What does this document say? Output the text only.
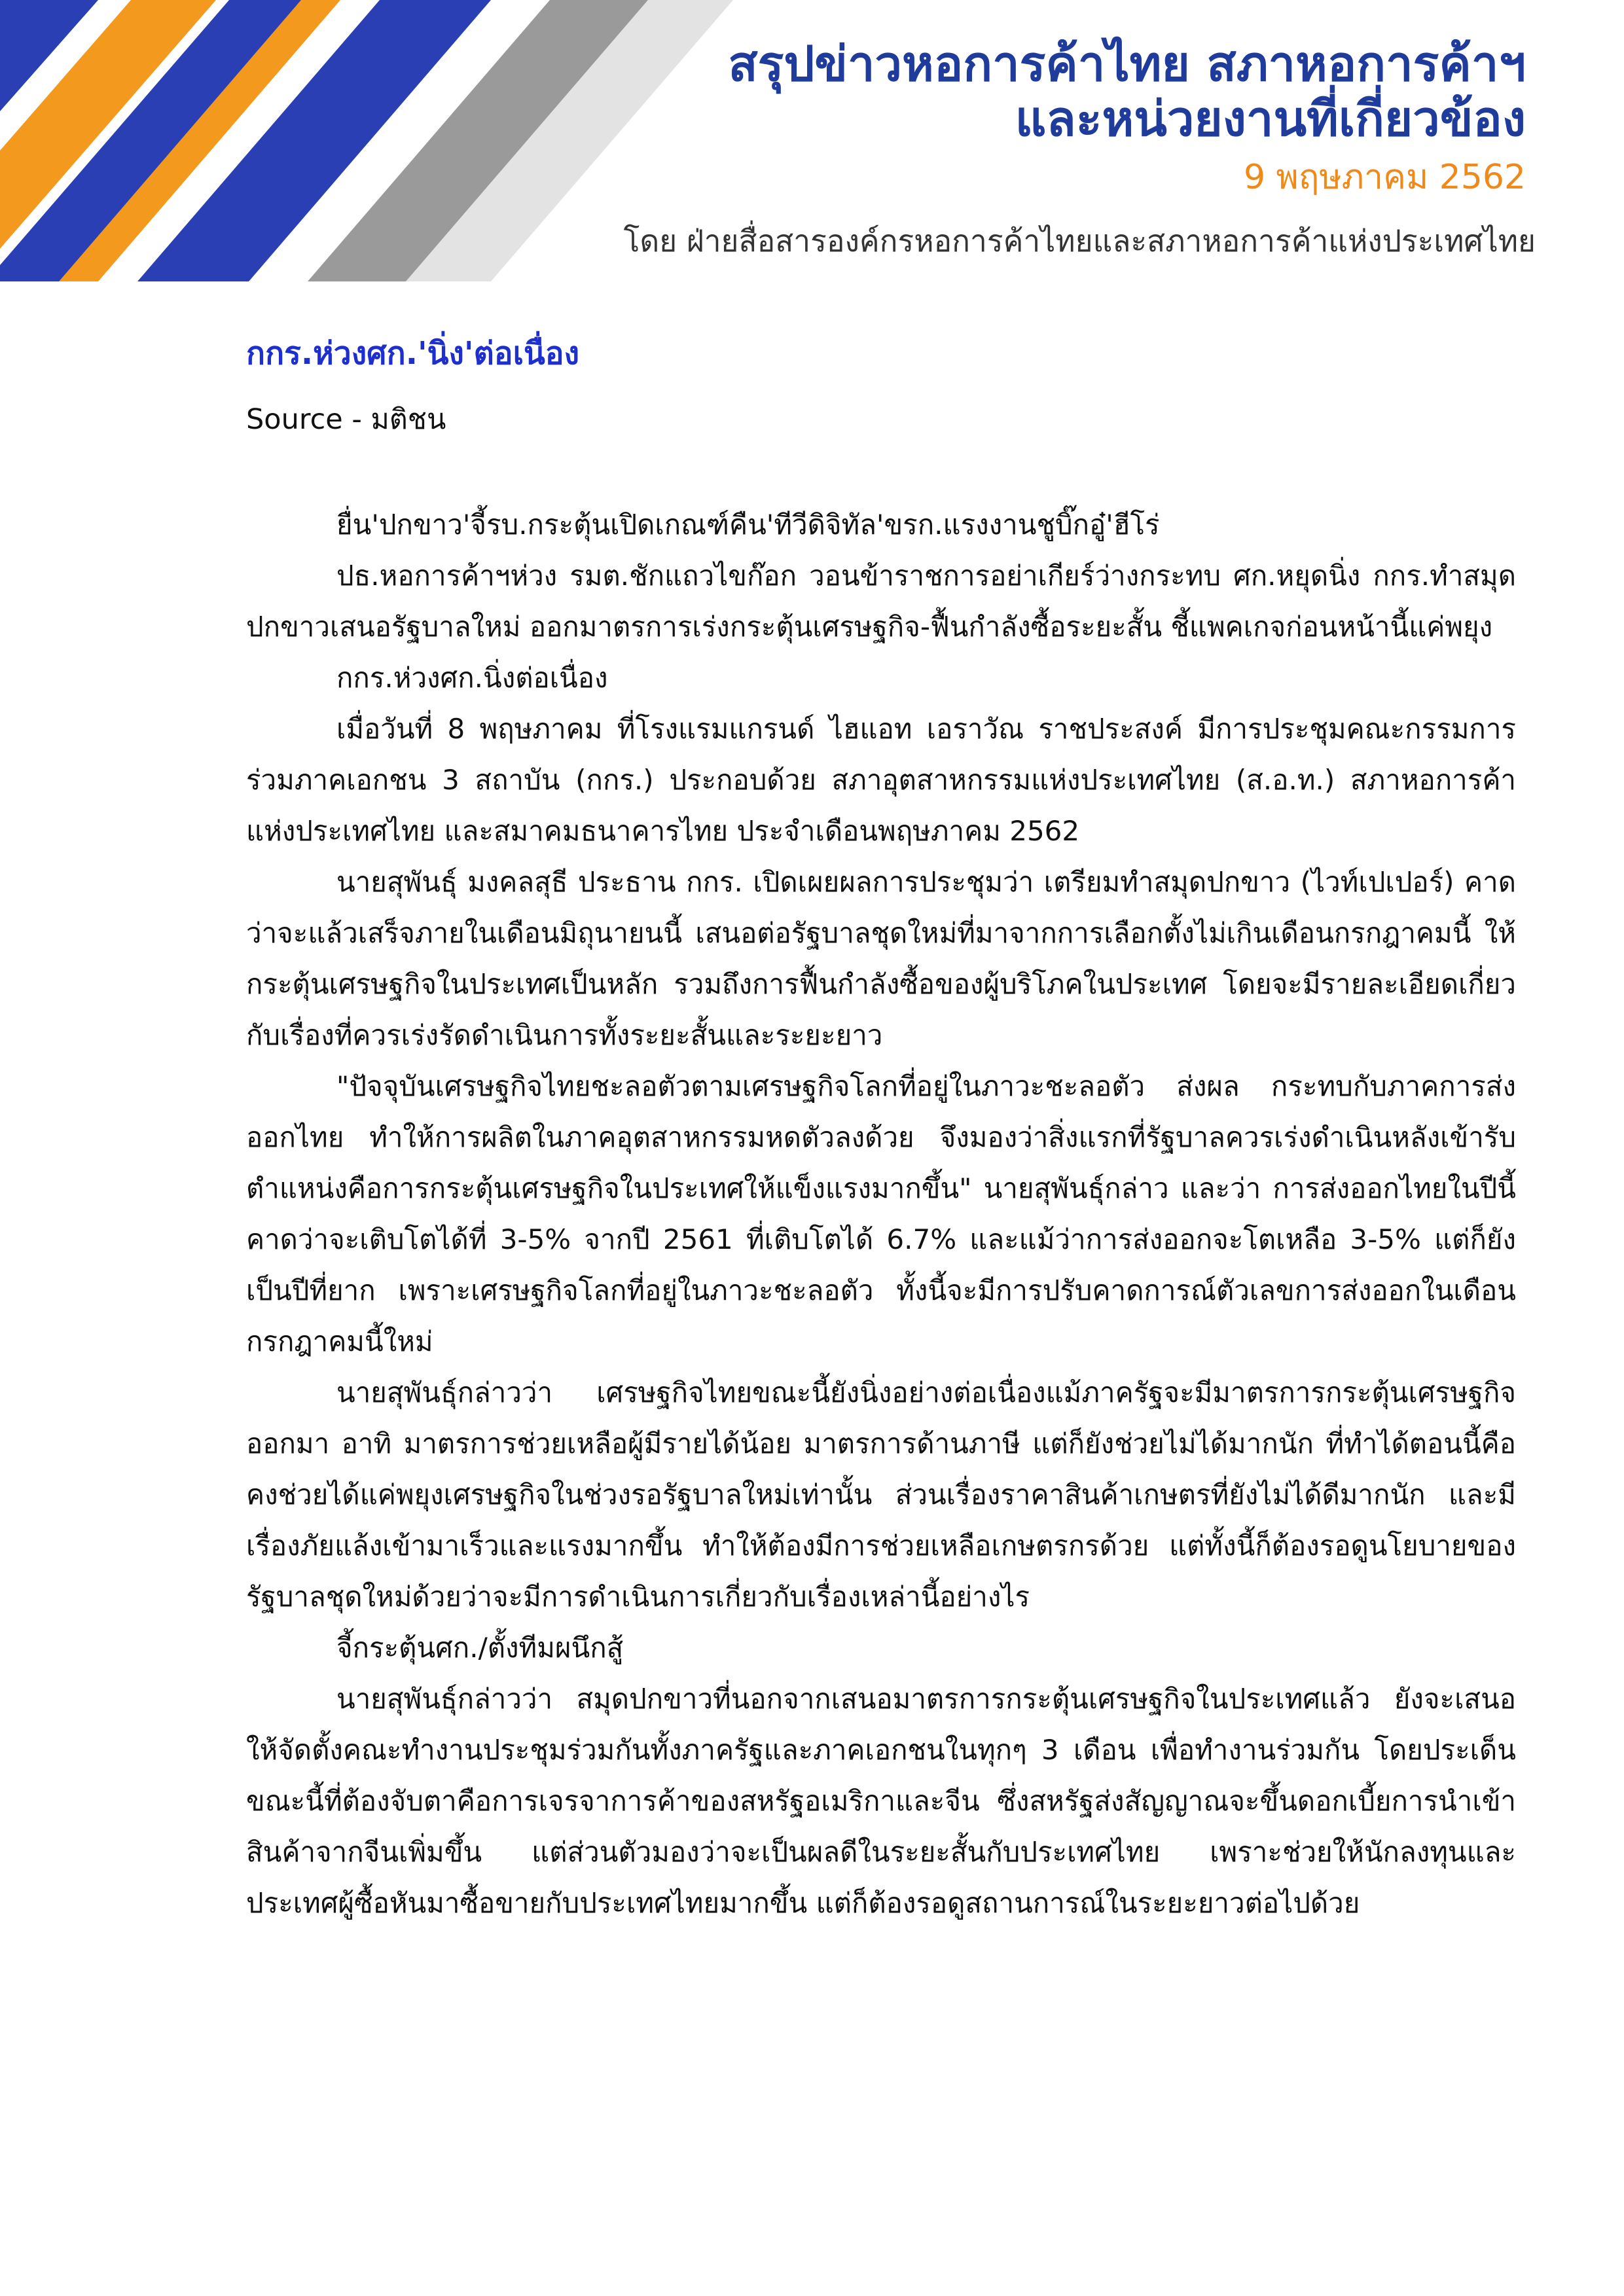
สรุปข่าวหอการค้าไทย สภาหอการค้าฯ
และหน่วยงานที่เกี่ยวข้อง
9 พฤษภาคม 2562
โดย ฝ่ายสื่อสารองค์กรหอการค้าไทยและสภาหอการค้าแห่งประเทศไทย
กกร.ห่วงศก.'นิ่ง'ต่อเนื่อง

Source - มติชน

ยื่น'ปกขาว'จี้รบ.กระตุ้นเปิดเกณฑ์คืน'ทีวีดิจิทัล'ขรก.แรงงานชูบิ๊กอู๋'ฮีโร่

ปธ.หอการค้าฯห่วง รมต.ชักแถวไขก๊อก วอนข้าราชการอย่าเกียร์ว่างกระทบ ศก.หยุดนิ่ง กกร.ทำสมุดปกขาวเสนอรัฐบาลใหม่ ออกมาตรการเร่งกระตุ้นเศรษฐกิจ-ฟื้นกำลังซื้อระยะสั้น ชี้แพคเกจก่อนหน้านี้แค่พยุง

กกร.ห่วงศก.นิ่งต่อเนื่อง

เมื่อวันที่ 8 พฤษภาคม ที่โรงแรมแกรนด์ ไฮแอท เอราวัณ ราชประสงค์ มีการประชุมคณะกรรมการร่วมภาคเอกชน 3 สถาบัน (กกร.) ประกอบด้วย สภาอุตสาหกรรมแห่งประเทศไทย (ส.อ.ท.) สภาหอการค้าแห่งประเทศไทย และสมาคมธนาคารไทย ประจำเดือนพฤษภาคม 2562

นายสุพันธุ์ มงคลสุธี ประธาน กกร. เปิดเผยผลการประชุมว่า เตรียมทำสมุดปกขาว (ไวท์เปเปอร์) คาดว่าจะแล้วเสร็จภายในเดือนมิถุนายนนี้ เสนอต่อรัฐบาลชุดใหม่ที่มาจากการเลือกตั้งไม่เกินเดือนกรกฎาคมนี้ ให้กระตุ้นเศรษฐกิจในประเทศเป็นหลัก รวมถึงการฟื้นกำลังซื้อของผู้บริโภคในประเทศ โดยจะมีรายละเอียดเกี่ยวกับเรื่องที่ควรเร่งรัดดำเนินการทั้งระยะสั้นและระยะยาว

"ปัจจุบันเศรษฐกิจไทยชะลอตัวตามเศรษฐกิจโลกที่อยู่ในภาวะชะลอตัว ส่งผล กระทบกับภาคการส่งออกไทย ทำให้การผลิตในภาคอุตสาหกรรมหดตัวลงด้วย จึงมองว่าสิ่งแรกที่รัฐบาลควรเร่งดำเนินหลังเข้ารับตำแหน่งคือการกระตุ้นเศรษฐกิจในประเทศให้แข็งแรงมากขึ้น" นายสุพันธุ์กล่าว และว่า การส่งออกไทยในปีนี้คาดว่าจะเติบโตได้ที่ 3-5% จากปี 2561 ที่เติบโตได้ 6.7% และแม้ว่าการส่งออกจะโตเหลือ 3-5% แต่ก็ยังเป็นปีที่ยาก เพราะเศรษฐกิจโลกที่อยู่ในภาวะชะลอตัว ทั้งนี้จะมีการปรับคาดการณ์ตัวเลขการส่งออกในเดือนกรกฎาคมนี้ใหม่

นายสุพันธุ์กล่าวว่า เศรษฐกิจไทยขณะนี้ยังนิ่งอย่างต่อเนื่องแม้ภาครัฐจะมีมาตรการกระตุ้นเศรษฐกิจออกมา อาทิ มาตรการช่วยเหลือผู้มีรายได้น้อย มาตรการด้านภาษี แต่ก็ยังช่วยไม่ได้มากนัก ที่ทำได้ตอนนี้คือคงช่วยได้แค่พยุงเศรษฐกิจในช่วงรอรัฐบาลใหม่เท่านั้น ส่วนเรื่องราคาสินค้าเกษตรที่ยังไม่ได้ดีมากนัก และมีเรื่องภัยแล้งเข้ามาเร็วและแรงมากขึ้น ทำให้ต้องมีการช่วยเหลือเกษตรกรด้วย แต่ทั้งนี้ก็ต้องรอดูนโยบายของรัฐบาลชุดใหม่ด้วยว่าจะมีการดำเนินการเกี่ยวกับเรื่องเหล่านี้อย่างไร

จี้กระตุ้นศก./ตั้งทีมผนึกสู้

นายสุพันธุ์กล่าวว่า สมุดปกขาวที่นอกจากเสนอมาตรการกระตุ้นเศรษฐกิจในประเทศแล้ว ยังจะเสนอให้จัดตั้งคณะทำงานประชุมร่วมกันทั้งภาครัฐและภาคเอกชนในทุกๆ 3 เดือน เพื่อทำงานร่วมกัน โดยประเด็นขณะนี้ที่ต้องจับตาคือการเจรจาการค้าของสหรัฐอเมริกาและจีน ซึ่งสหรัฐส่งสัญญาณจะขึ้นดอกเบี้ยการนำเข้าสินค้าจากจีนเพิ่มขึ้น แต่ส่วนตัวมองว่าจะเป็นผลดีในระยะสั้นกับประเทศไทย เพราะช่วยให้นักลงทุนและประเทศผู้ซื้อหันมาซื้อขายกับประเทศไทยมากขึ้น แต่ก็ต้องรอดูสถานการณ์ในระยะยาวต่อไปด้วย
